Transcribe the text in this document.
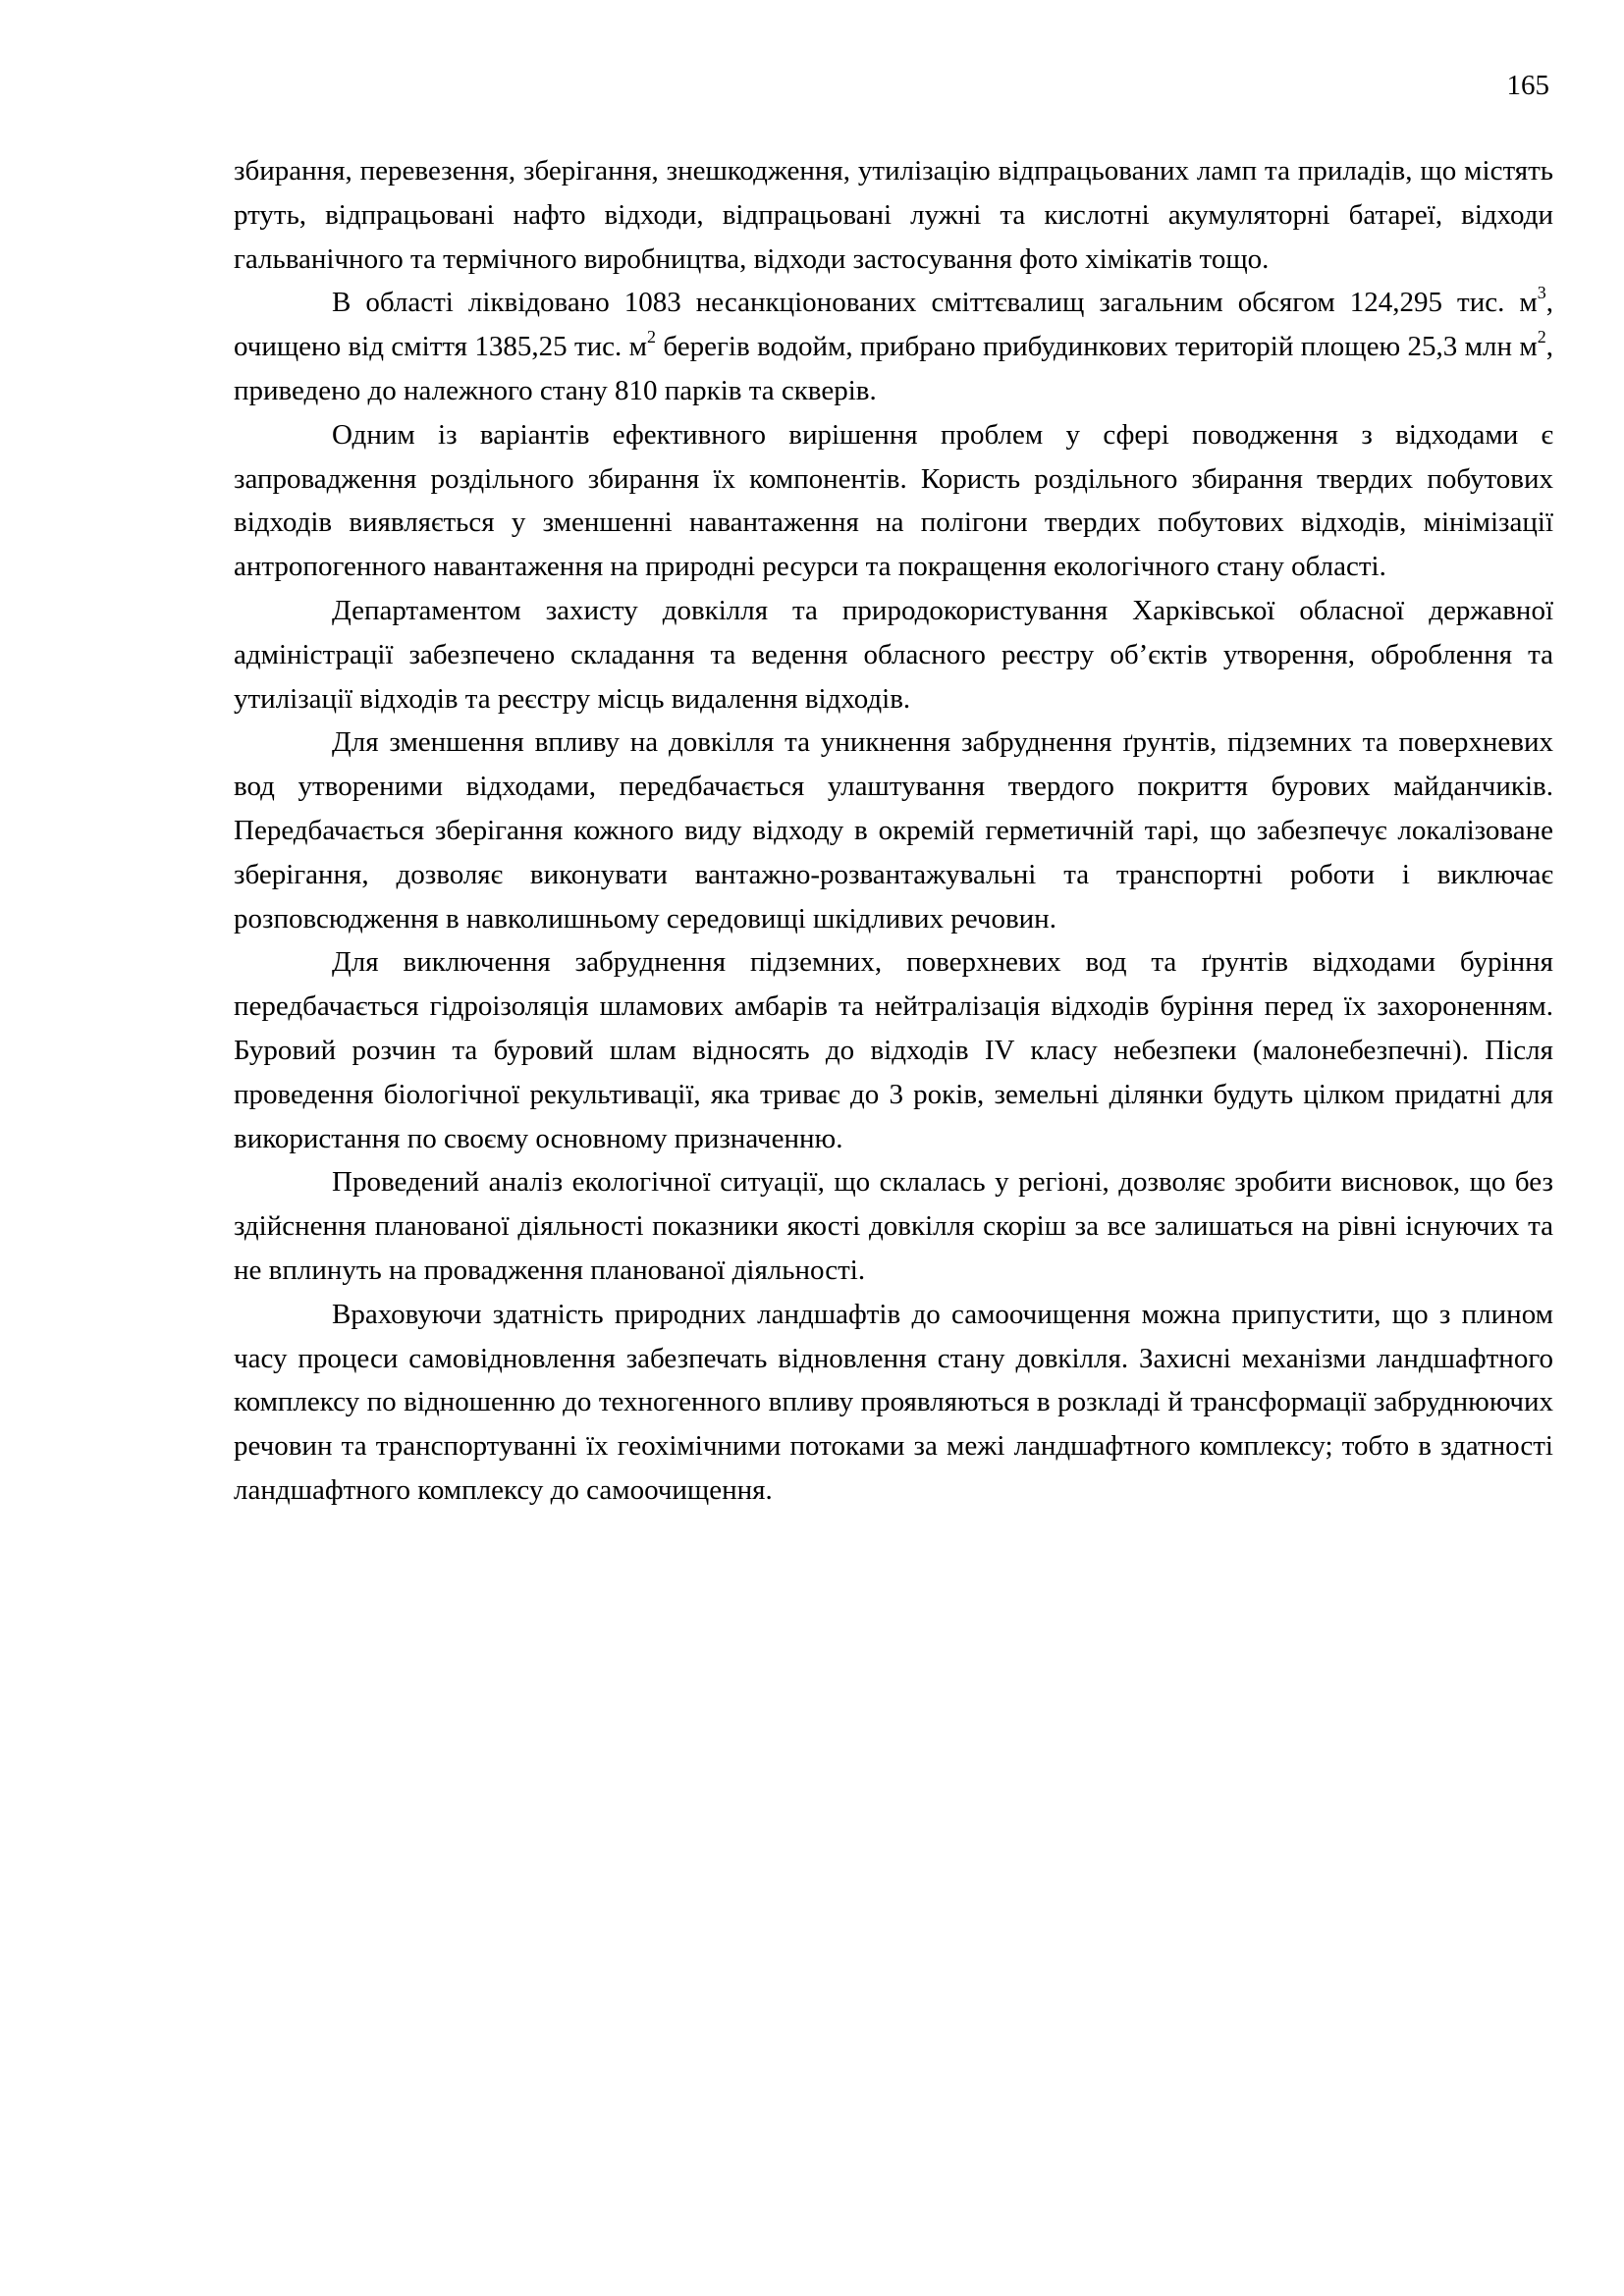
165

збирання, перевезення, зберігання, знешкодження, утилізацію відпрацьованих ламп та приладів, що містять ртуть, відпрацьовані нафто відходи, відпрацьовані лужні та кислотні акумуляторні батареї, відходи гальванічного та термічного виробництва, відходи застосування фото хімікатів тощо.

В області ліквідовано 1083 несанкціонованих сміттєвалищ загальним обсягом 124,295 тис. $м^3$, очищено від сміття 1385,25 тис. $м^2$ берегів водойм, прибрано прибудинкових територій площею 25,3 млн $м^2$, приведено до належного стану 810 парків та скверів.

Одним із варіантів ефективного вирішення проблем у сфері поводження з відходами є запровадження роздільного збирання їх компонентів. Користь роздільного збирання твердих побутових відходів виявляється у зменшенні навантаження на полігони твердих побутових відходів, мінімізації антропогенного навантаження на природні ресурси та покращення екологічного стану області.

Департаментом захисту довкілля та природокористування Харківської обласної державної адміністрації забезпечено складання та ведення обласного реєстру об’єктів утворення, оброблення та утилізації відходів та реєстру місць видалення відходів.

Для зменшення впливу на довкілля та уникнення забруднення ґрунтів, підземних та поверхневих вод утвореними відходами, передбачається улаштування твердого покриття бурових майданчиків. Передбачається зберігання кожного виду відходу в окремій герметичній тарі, що забезпечує локалізоване зберігання, дозволяє виконувати вантажно-розвантажувальні та транспортні роботи і виключає розповсюдження в навколишньому середовищі шкідливих речовин.

Для виключення забруднення підземних, поверхневих вод та ґрунтів відходами буріння передбачається гідроізоляція шламових амбарів та нейтралізація відходів буріння перед їх захороненням. Буровий розчин та буровий шлам відносять до відходів IV класу небезпеки (малонебезпечні). Після проведення біологічної рекультивації, яка триває до 3 років, земельні ділянки будуть цілком придатні для використання по своєму основному призначенню.

Проведений аналіз екологічної ситуації, що склалась у регіоні, дозволяє зробити висновок, що без здійснення планованої діяльності показники якості довкілля скоріш за все залишаться на рівні існуючих та не вплинуть на провадження планованої діяльності.

Враховуючи здатність природних ландшафтів до самоочищення можна припустити, що з плином часу процеси самовідновлення забезпечать відновлення стану довкілля. Захисні механізми ландшафтного комплексу по відношенню до техногенного впливу проявляються в розкладі й трансформації забруднюючих речовин та транспортуванні їх геохімічними потоками за межі ландшафтного комплексу; тобто в здатності ландшафтного комплексу до самоочищення.
